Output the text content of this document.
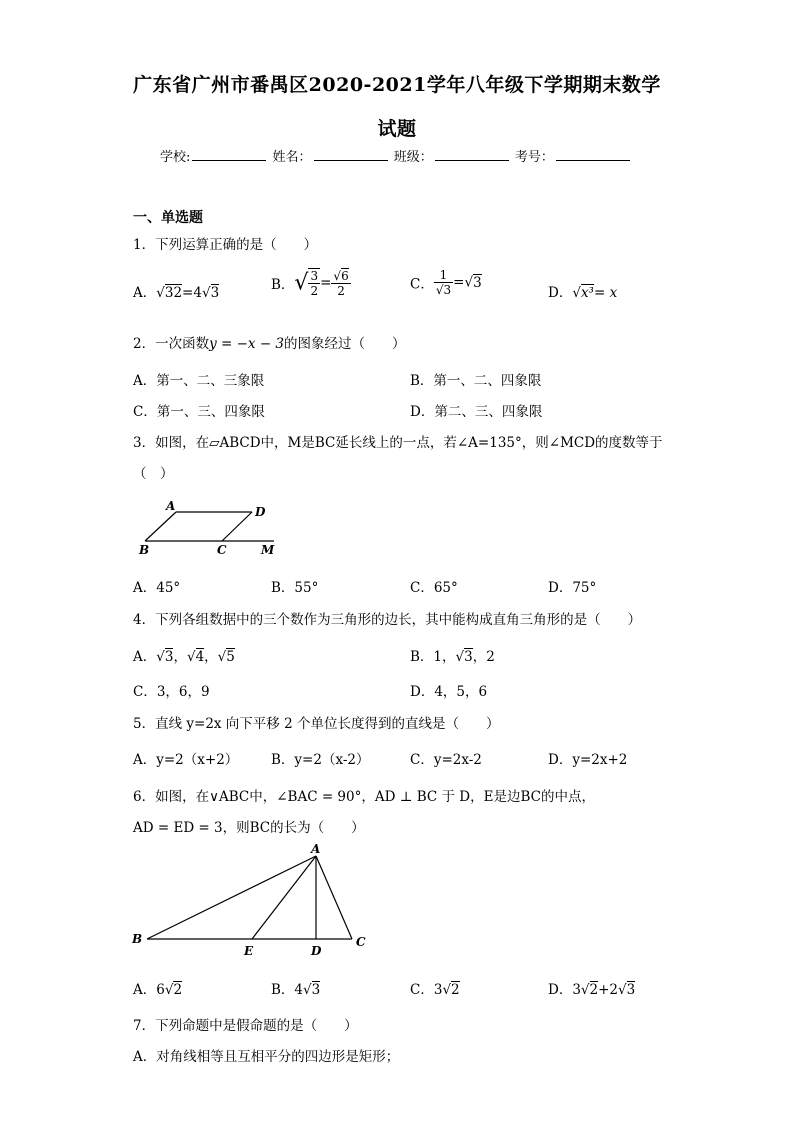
广东省广州市番禺区2020-2021学年八年级下学期期末数学
试题
学校:	姓名：	班级：	考号：
一、单选题
1．下列运算正确的是（　　）
A．√32=4√3	B．√ $\frac{3}{2} = \frac{√6}{2}$	C． $\frac{1}{√3} =√3$
D．√x³= x
2．一次函数y = −x − 3的图象经过（　　）
A．第一、二、三象限	B．第一、二、四象限
C．第一、三、四象限	D．第二、三、四象限
3．如图，在▱ABCD中，M是BC延长线上的一点，若∠A=135°，则∠MCD的度数等于
（　）
A	D
B	C	M
A．45°	B．55°	C．65°	D．75°
4．下列各组数据中的三个数作为三角形的边长，其中能构成直角三角形的是（　　）
A．√3，√4，√5	B．1，√3，2
C．3，6，9	D．4，5，6
5．直线 y=2x 向下平移 2 个单位长度得到的直线是（　　）
A．y=2（x+2） B．y=2（x-2）	C．y=2x-2	D．y=2x+2
6．如图，在∨ABC中，∠BAC = 90°，AD ⊥ BC 于 D，E是边BC的中点，
AD = ED = 3，则BC的长为（　　）
A
B
E	D
C
A．6√2	B．4√3	C．3√2	D．3√2+2√3
7．下列命题中是假命题的是（　　）
A．对角线相等且互相平分的四边形是矩形；
